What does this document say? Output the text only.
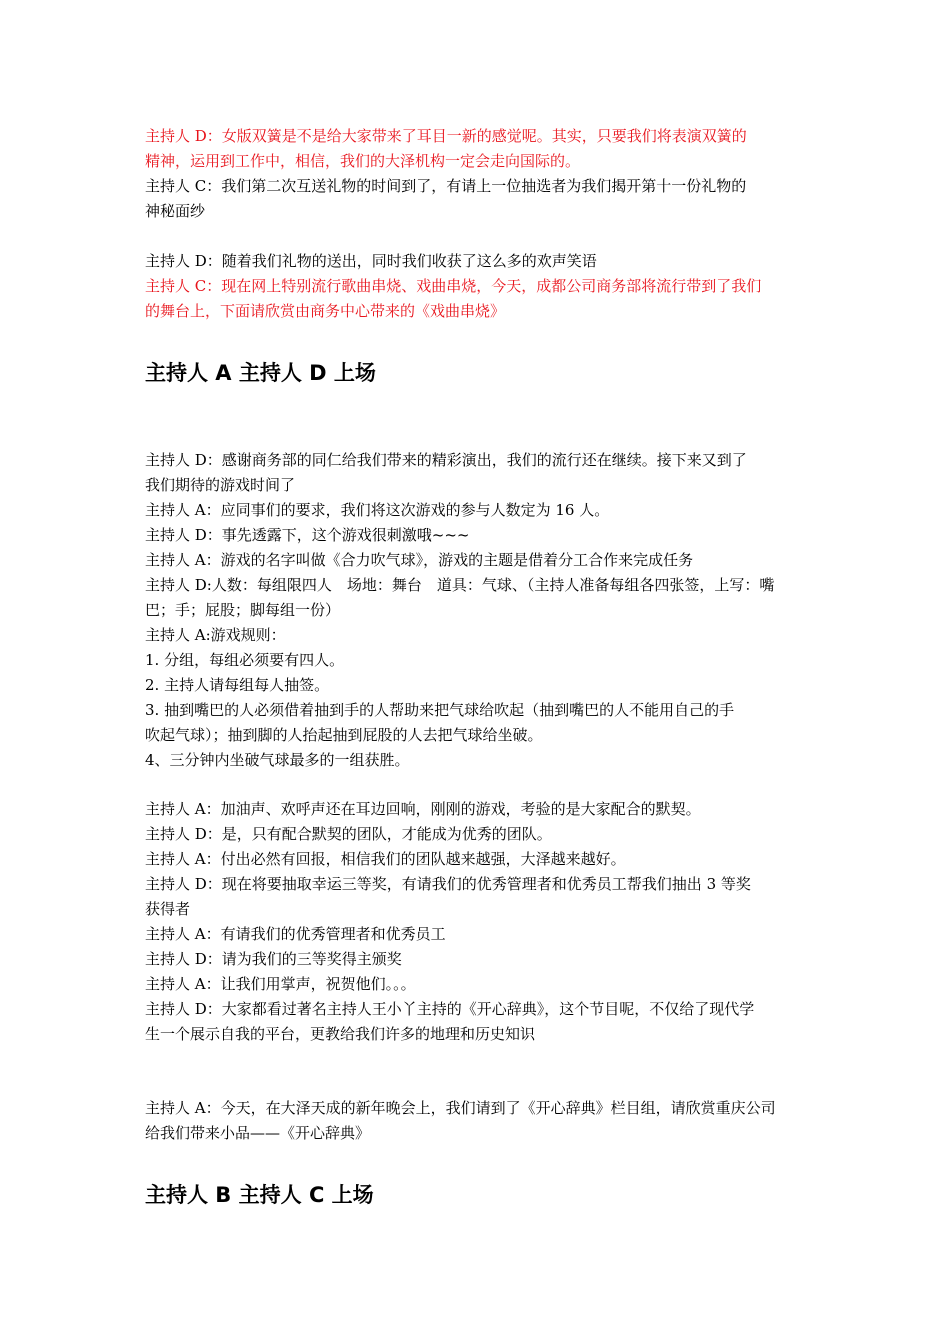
主持人 D：女版双簧是不是给大家带来了耳目一新的感觉呢。其实，只要我们将表演双簧的
精神，运用到工作中，相信，我们的大泽机构一定会走向国际的。
主持人 C：我们第二次互送礼物的时间到了，有请上一位抽选者为我们揭开第十一份礼物的
神秘面纱
主持人 D：随着我们礼物的送出，同时我们收获了这么多的欢声笑语
主持人 C：现在网上特别流行歌曲串烧、戏曲串烧，今天，成都公司商务部将流行带到了我们
的舞台上，下面请欣赏由商务中心带来的《戏曲串烧》
主持人 A 主持人 D 上场
主持人 D：感谢商务部的同仁给我们带来的精彩演出，我们的流行还在继续。接下来又到了
我们期待的游戏时间了
主持人 A：应同事们的要求，我们将这次游戏的参与人数定为 16 人。
主持人 D：事先透露下，这个游戏很刺激哦~~~
主持人 A：游戏的名字叫做《合力吹气球》，游戏的主题是借着分工合作来完成任务
主持人 D:人数：每组限四人　场地：舞台　道具：气球、（主持人准备每组各四张签，上写：嘴
巴；手；屁股；脚每组一份）
主持人 A:游戏规则：
1. 分组，每组必须要有四人。
2. 主持人请每组每人抽签。
3. 抽到嘴巴的人必须借着抽到手的人帮助来把气球给吹起（抽到嘴巴的人不能用自己的手
吹起气球）；抽到脚的人抬起抽到屁股的人去把气球给坐破。
4、三分钟内坐破气球最多的一组获胜。
主持人 A：加油声、欢呼声还在耳边回响，刚刚的游戏，考验的是大家配合的默契。
主持人 D：是，只有配合默契的团队，才能成为优秀的团队。
主持人 A：付出必然有回报，相信我们的团队越来越强，大泽越来越好。
主持人 D：现在将要抽取幸运三等奖，有请我们的优秀管理者和优秀员工帮我们抽出 3 等奖
获得者
主持人 A：有请我们的优秀管理者和优秀员工
主持人 D：请为我们的三等奖得主颁奖
主持人 A：让我们用掌声，祝贺他们。。。
主持人 D：大家都看过著名主持人王小丫主持的《开心辞典》，这个节目呢，不仅给了现代学
生一个展示自我的平台，更教给我们许多的地理和历史知识
主持人 A：今天，在大泽天成的新年晚会上，我们请到了《开心辞典》栏目组，请欣赏重庆公司
给我们带来小品——《开心辞典》
主持人 B 主持人 C 上场
